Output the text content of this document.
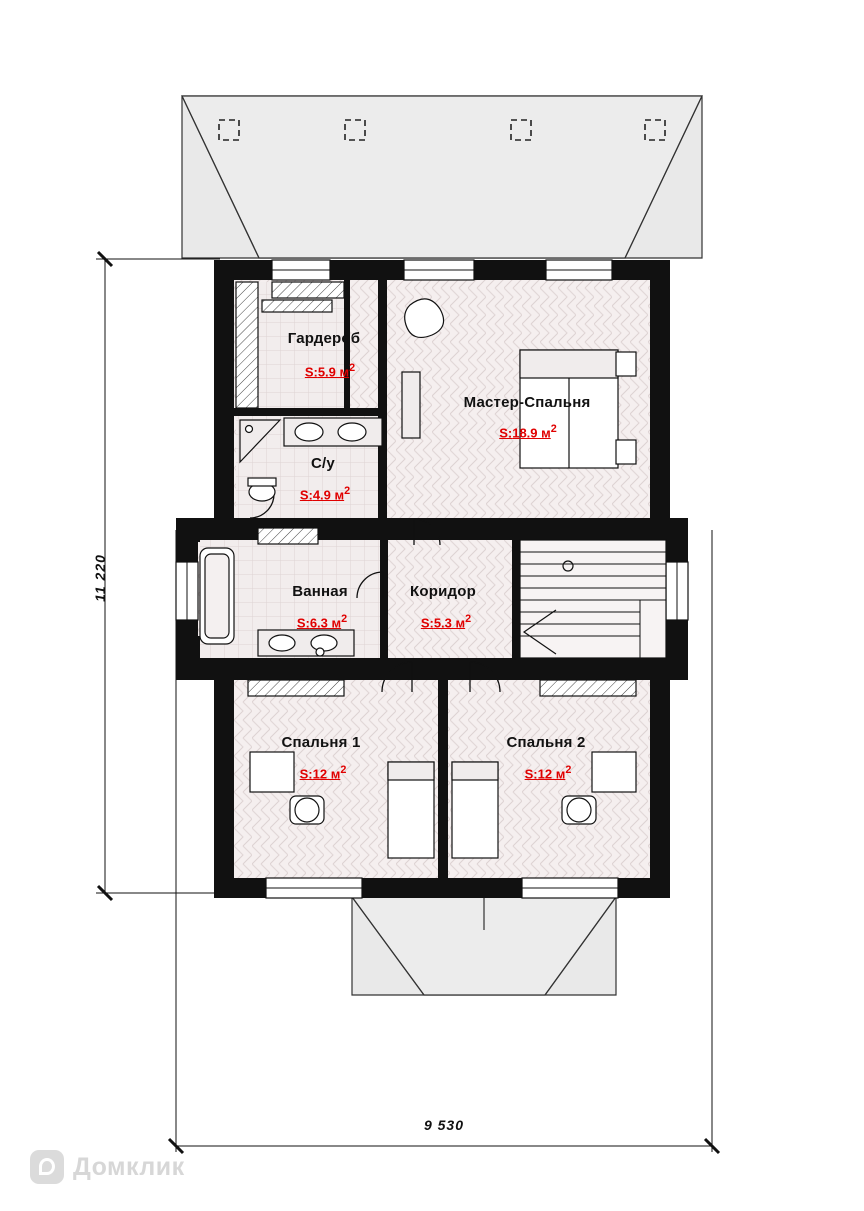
Гардероб
S:5.9 $м^2$
Мастер-Спальня
S:18.9 $м^2$
С/у
S:4.9 $м^2$
Ванная
S:6.3 $м^2$
Коридор
S:5.3 $м^2$
Спальня 1
S:12 $м^2$
Спальня 2
S:12 $м^2$
11 220
9 530
Домклик
